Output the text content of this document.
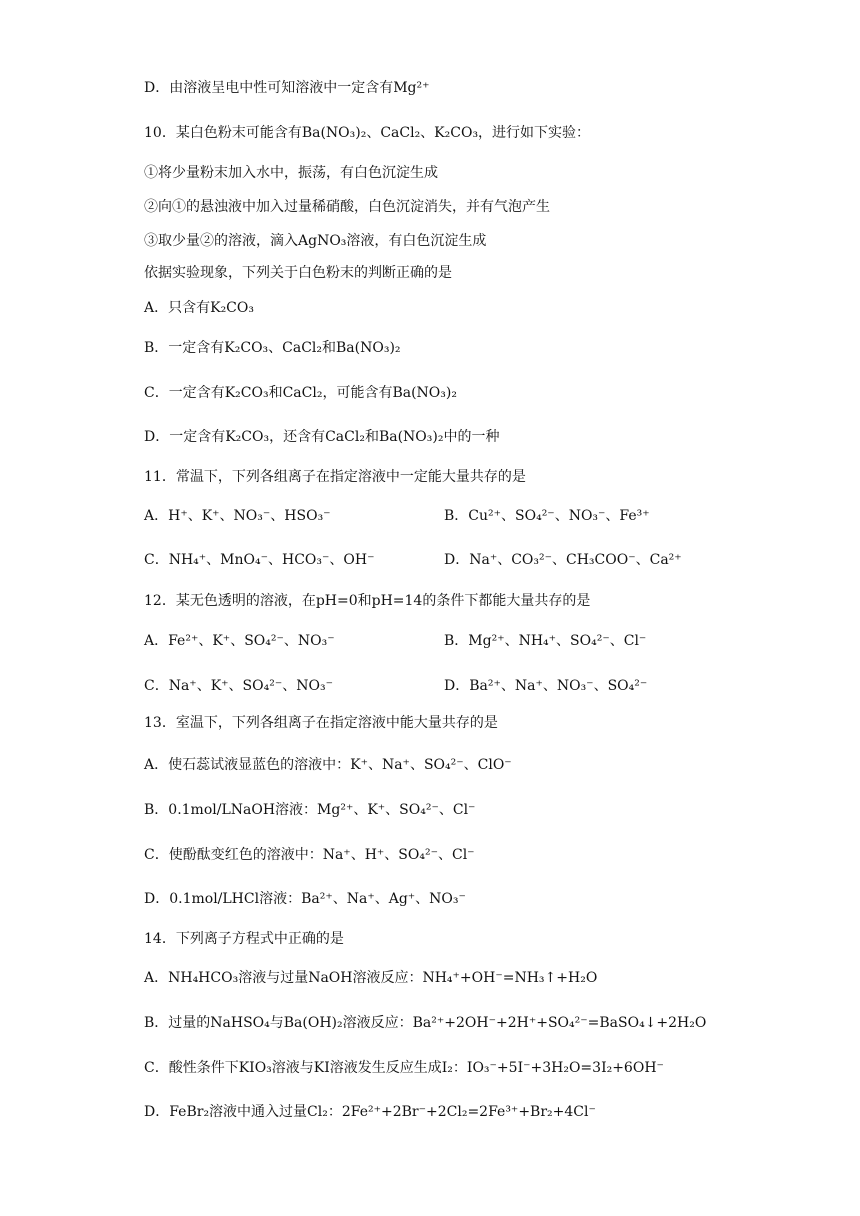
D．由溶液呈电中性可知溶液中一定含有Mg²⁺
10．某白色粉末可能含有Ba(NO₃)₂、CaCl₂、K₂CO₃，进行如下实验：
①将少量粉末加入水中，振荡，有白色沉淀生成
②向①的悬浊液中加入过量稀硝酸，白色沉淀消失，并有气泡产生
③取少量②的溶液，滴入AgNO₃溶液，有白色沉淀生成
依据实验现象，下列关于白色粉末的判断正确的是
A．只含有K₂CO₃
B．一定含有K₂CO₃、CaCl₂和Ba(NO₃)₂
C．一定含有K₂CO₃和CaCl₂，可能含有Ba(NO₃)₂
D．一定含有K₂CO₃，还含有CaCl₂和Ba(NO₃)₂中的一种
11．常温下，下列各组离子在指定溶液中一定能大量共存的是
A．H⁺、K⁺、NO₃⁻、HSO₃⁻	B．Cu²⁺、SO₄²⁻、NO₃⁻、Fe³⁺
C．NH₄⁺、MnO₄⁻、HCO₃⁻、OH⁻	D．Na⁺、CO₃²⁻、CH₃COO⁻、Ca²⁺
12．某无色透明的溶液，在pH=0和pH=14的条件下都能大量共存的是
A．Fe²⁺、K⁺、SO₄²⁻、NO₃⁻	B．Mg²⁺、NH₄⁺、SO₄²⁻、Cl⁻
C．Na⁺、K⁺、SO₄²⁻、NO₃⁻	D．Ba²⁺、Na⁺、NO₃⁻、SO₄²⁻
13．室温下，下列各组离子在指定溶液中能大量共存的是
A．使石蕊试液显蓝色的溶液中：K⁺、Na⁺、SO₄²⁻、ClO⁻
B．0.1mol/LNaOH溶液：Mg²⁺、K⁺、SO₄²⁻、Cl⁻
C．使酚酞变红色的溶液中：Na⁺、H⁺、SO₄²⁻、Cl⁻
D．0.1mol/LHCl溶液：Ba²⁺、Na⁺、Ag⁺、NO₃⁻
14．下列离子方程式中正确的是
A．NH₄HCO₃溶液与过量NaOH溶液反应：NH₄⁺+OH⁻=NH₃↑+H₂O
B．过量的NaHSO₄与Ba(OH)₂溶液反应：Ba²⁺+2OH⁻+2H⁺+SO₄²⁻=BaSO₄↓+2H₂O
C．酸性条件下KIO₃溶液与KI溶液发生反应生成I₂：IO₃⁻+5I⁻+3H₂O=3I₂+6OH⁻
D．FeBr₂溶液中通入过量Cl₂：2Fe²⁺+2Br⁻+2Cl₂=2Fe³⁺+Br₂+4Cl⁻
